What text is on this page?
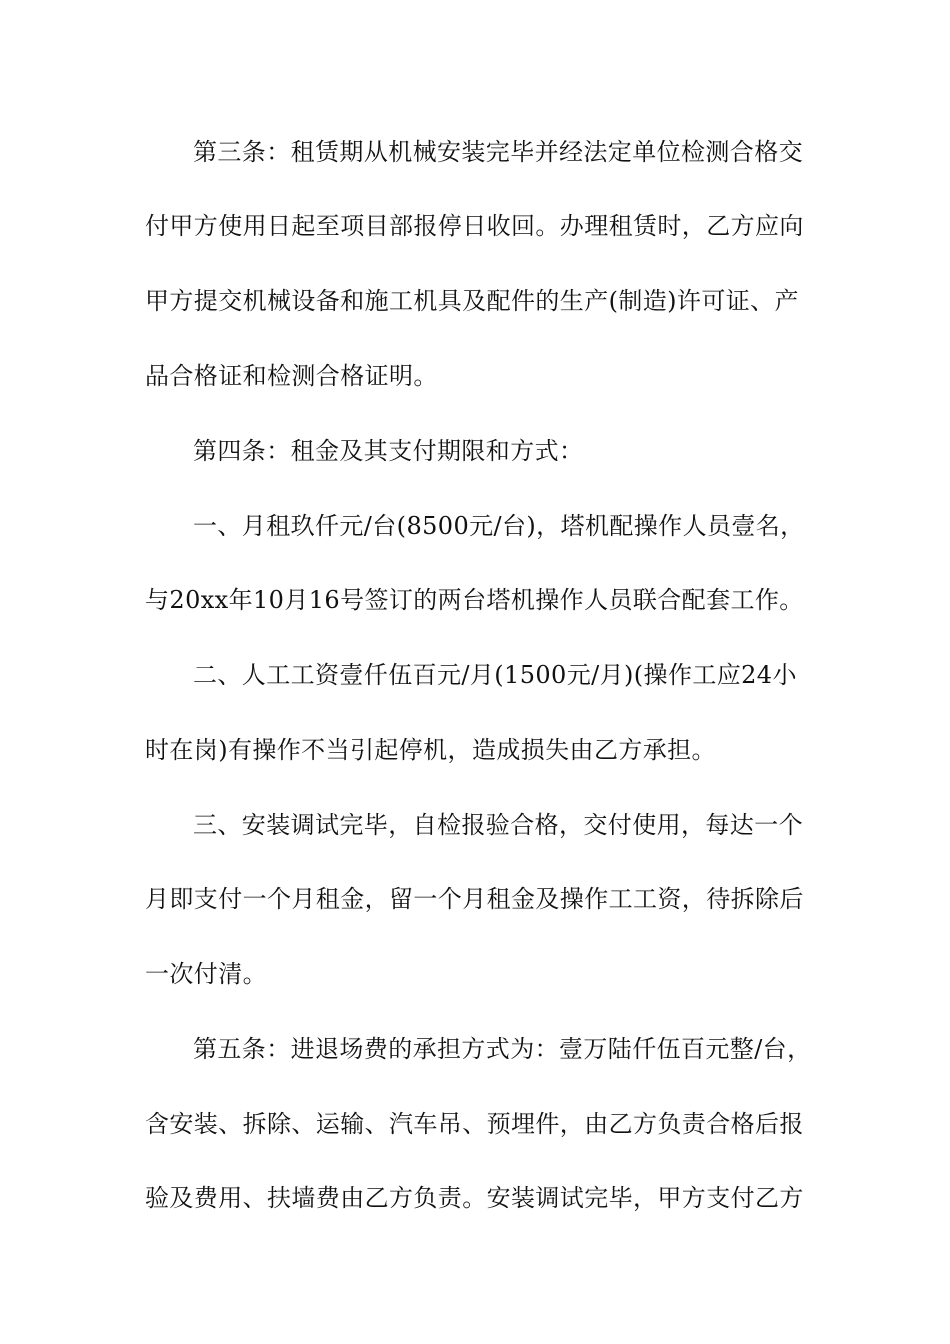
第三条：租赁期从机械安装完毕并经法定单位检测合格交
付甲方使用日起至项目部报停日收回。办理租赁时，乙方应向
甲方提交机械设备和施工机具及配件的生产(制造)许可证、产
品合格证和检测合格证明。
第四条：租金及其支付期限和方式：
一、月租玖仟元/台(8500元/台)，塔机配操作人员壹名，
与20xx年10月16号签订的两台塔机操作人员联合配套工作。
二、人工工资壹仟伍百元/月(1500元/月)(操作工应24小
时在岗)有操作不当引起停机，造成损失由乙方承担。
三、安装调试完毕，自检报验合格，交付使用，每达一个
月即支付一个月租金，留一个月租金及操作工工资，待拆除后
一次付清。
第五条：进退场费的承担方式为：壹万陆仟伍百元整/台，
含安装、拆除、运输、汽车吊、预埋件，由乙方负责合格后报
验及费用、扶墙费由乙方负责。安装调试完毕，甲方支付乙方
